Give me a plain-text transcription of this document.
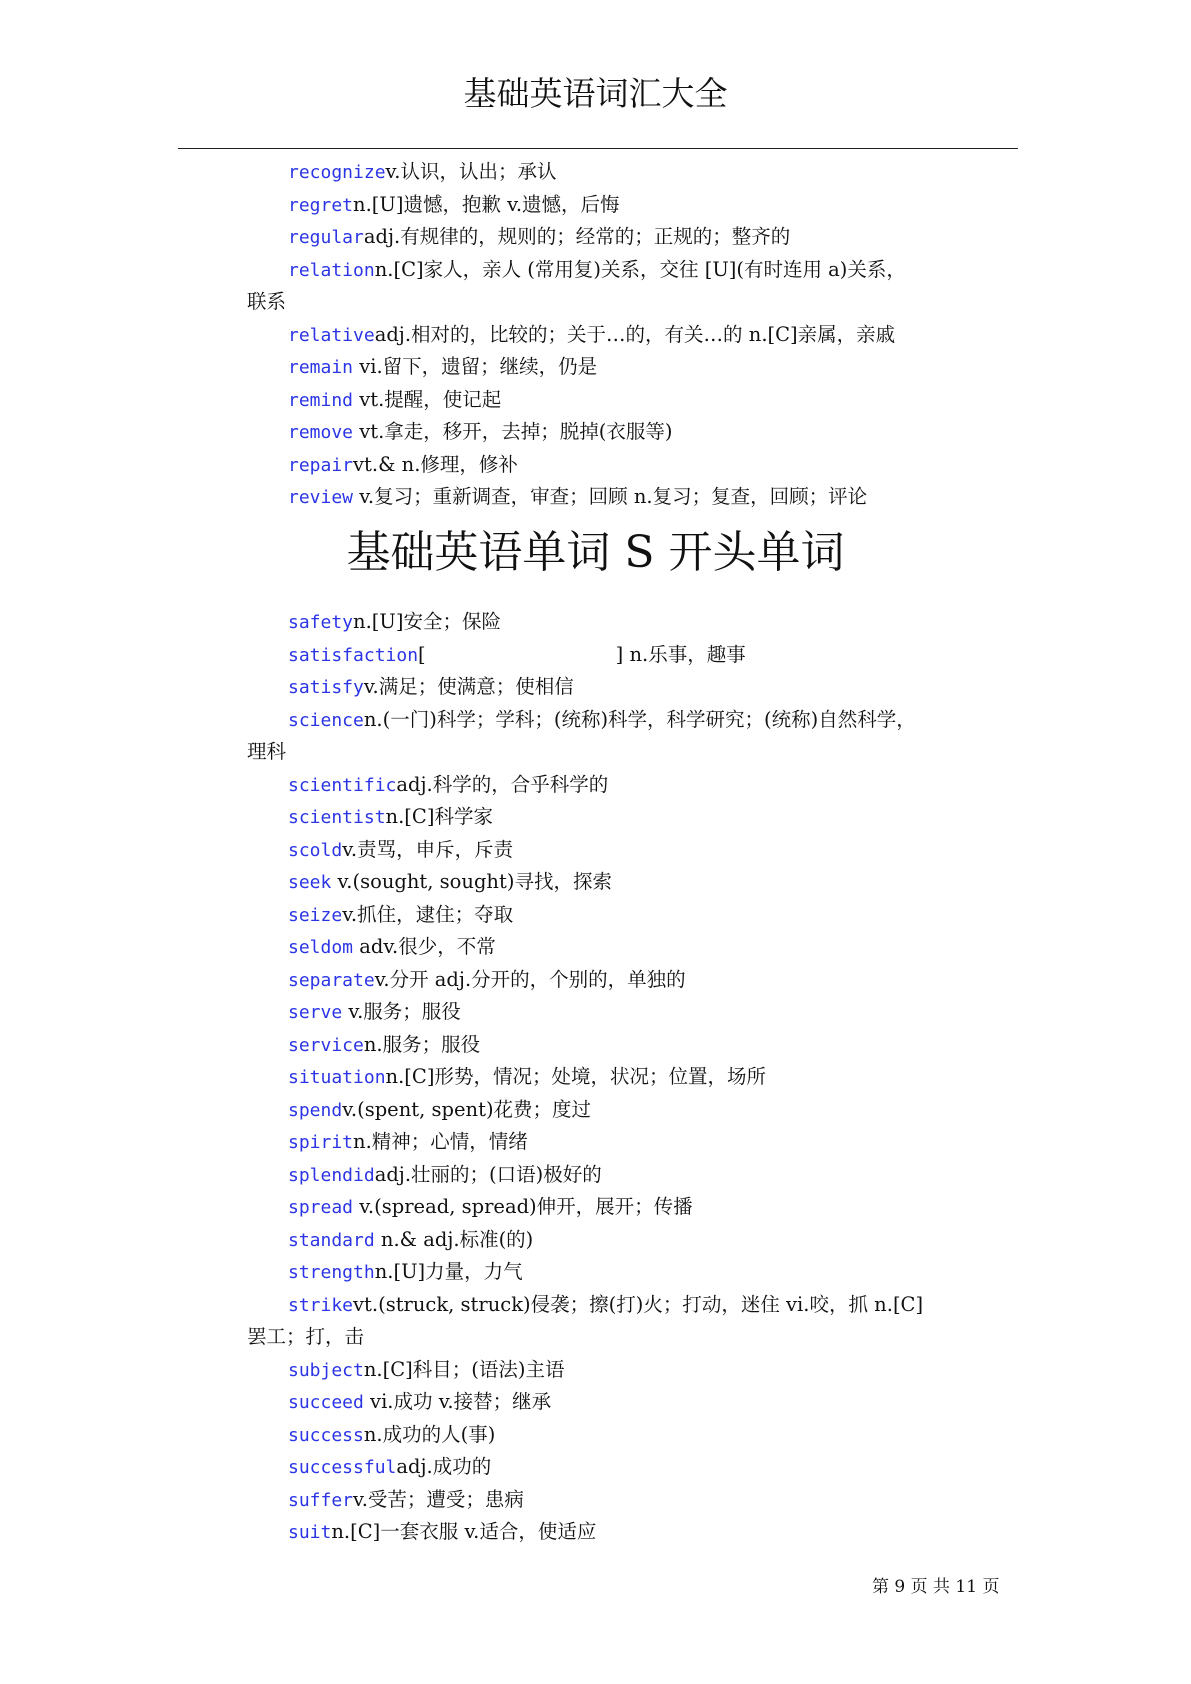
基础英语词汇大全
recognizev.认识，认出；承认
regretn.[U]遗憾，抱歉 v.遗憾，后悔
regularadj.有规律的，规则的；经常的；正规的；整齐的
relationn.[C]家人，亲人 (常用复)关系，交往 [U](有时连用 a)关系，
联系
relativeadj.相对的，比较的；关于…的，有关…的 n.[C]亲属，亲戚
remain vi.留下，遗留；继续，仍是
remind vt.提醒，使记起
remove vt.拿走，移开，去掉；脱掉(衣服等)
repairvt.& n.修理，修补
review v.复习；重新调查，审查；回顾 n.复习；复查，回顾；评论
safetyn.[U]安全；保险
satisfaction[	] n.乐事，趣事
satisfyv.满足；使满意；使相信
sciencen.(一门)科学；学科；(统称)科学，科学研究；(统称)自然科学，
理科
scientificadj.科学的，合乎科学的
scientistn.[C]科学家
scoldv.责骂，申斥，斥责
seek v.(sought, sought)寻找，探索
seizev.抓住，逮住；夺取
seldom adv.很少，不常
separatev.分开 adj.分开的，个别的，单独的
serve v.服务；服役
servicen.服务；服役
situationn.[C]形势，情况；处境，状况；位置，场所
spendv.(spent, spent)花费；度过
spiritn.精神；心情，情绪
splendidadj.壮丽的；(口语)极好的
spread v.(spread, spread)伸开，展开；传播
standard n.& adj.标准(的)
strengthn.[U]力量，力气
strikevt.(struck, struck)侵袭；擦(打)火；打动，迷住 vi.咬，抓 n.[C]
罢工；打，击
subjectn.[C]科目；(语法)主语
succeed vi.成功 v.接替；继承
successn.成功的人(事)
successfuladj.成功的
sufferv.受苦；遭受；患病
suitn.[C]一套衣服 v.适合，使适应
基础英语单词 S 开头单词
第 9 页 共 11 页
